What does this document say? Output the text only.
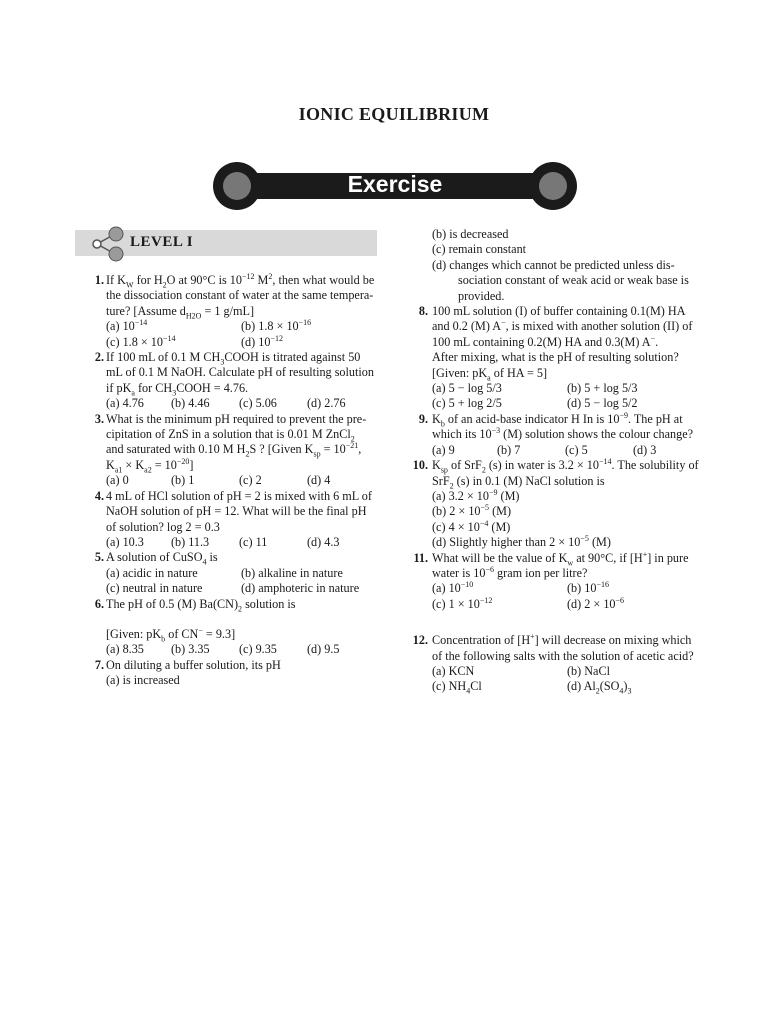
IONIC EQUILIBRIUM
Exercise
LEVEL I
1. If $K_W$ for $H_2O$ at 90°C is $10^{-12}$ $M^2$, then what would be
the dissociation constant of water at the same tempera-
ture? [Assume $d_{H2O} = 1$ g/mL]
(a) $10^{-14}$	(b) $1.8 \times 10^{-16}$
(c) $1.8 \times 10^{-14}$	(d) $10^{-12}$
2. If 100 mL of 0.1 M $CH_3COOH$ is titrated against 50
mL of 0.1 M NaOH. Calculate pH of resulting solution
if $pK_a$ for $CH_3COOH = 4.76$.
(a) 4.76	(b) 4.46	(c) 5.06	(d) 2.76
3. What is the minimum pH required to prevent the pre-
cipitation of ZnS in a solution that is 0.01 M ZnCl$_2$
and saturated with 0.10 M $H_2S$ ? [Given $K_{sp} = 10^{-21}$,
$K_{a1} \times K_{a2} = 10^{-20}$]
(a) 0	(b) 1	(c) 2	(d) 4
4. 4 mL of HCl solution of pH = 2 is mixed with 6 mL of
NaOH solution of pH = 12. What will be the final pH
of solution? log 2 = 0.3
(a) 10.3	(b) 11.3	(c) 11	(d) 4.3
5. A solution of CuSO$_4$ is
(a) acidic in nature	(b) alkaline in nature
(c) neutral in nature	(d) amphoteric in nature
6. The pH of 0.5 (M) $Ba(CN)_2$ solution is
[Given: $pK_b$ of CN− = 9.3]
(a) 8.35	(b) 3.35	(c) 9.35	(d) 9.5
7. On diluting a buffer solution, its pH
(a) is increased
(b) is decreased
(c) remain constant
(d) changes which cannot be predicted unless dis-
sociation constant of weak acid or weak base is
provided.
8. 100 mL solution (I) of buffer containing 0.1(M) HA
and 0.2 (M) A−, is mixed with another solution (II) of
100 mL containing 0.2(M) HA and 0.3(M) A−.
After mixing, what is the pH of resulting solution?
[Given: $pK_a$ of HA = 5]
(a) 5 − log 5/3	(b) 5 + log 5/3
(c) 5 + log 2/5	(d) 5 − log 5/2
9. $K_b$ of an acid-base indicator H In is $10^{-9}$. The pH at
which its $10^{-3}$ (M) solution shows the colour change?
(a) 9	(b) 7	(c) 5	(d) 3
10. $K_{sp}$ of SrF$_2$ (s) in water is $3.2 \times 10^{-14}$. The solubility of
SrF$_2$ (s) in 0.1 (M) NaCl solution is
(a) $3.2 \times 10^{-9}$ (M)
(b) $2 \times 10^{-5}$ (M)
(c) $4 \times 10^{-4}$ (M)
(d) Slightly higher than $2 \times 10^{-5}$ (M)
11. What will be the value of $K_w$ at 90°C, if [H+] in pure
water is $10^{-6}$ gram ion per litre?
(a) $10^{-10}$	(b) $10^{-16}$
(c) $1 \times 10^{-12}$	(d) $2 \times 10^{-6}$
12. Concentration of [H+] will decrease on mixing which
of the following salts with the solution of acetic acid?
(a) KCN	(b) NaCl
(c) $NH_4Cl$	(d) $Al_2(SO_4)_3$
